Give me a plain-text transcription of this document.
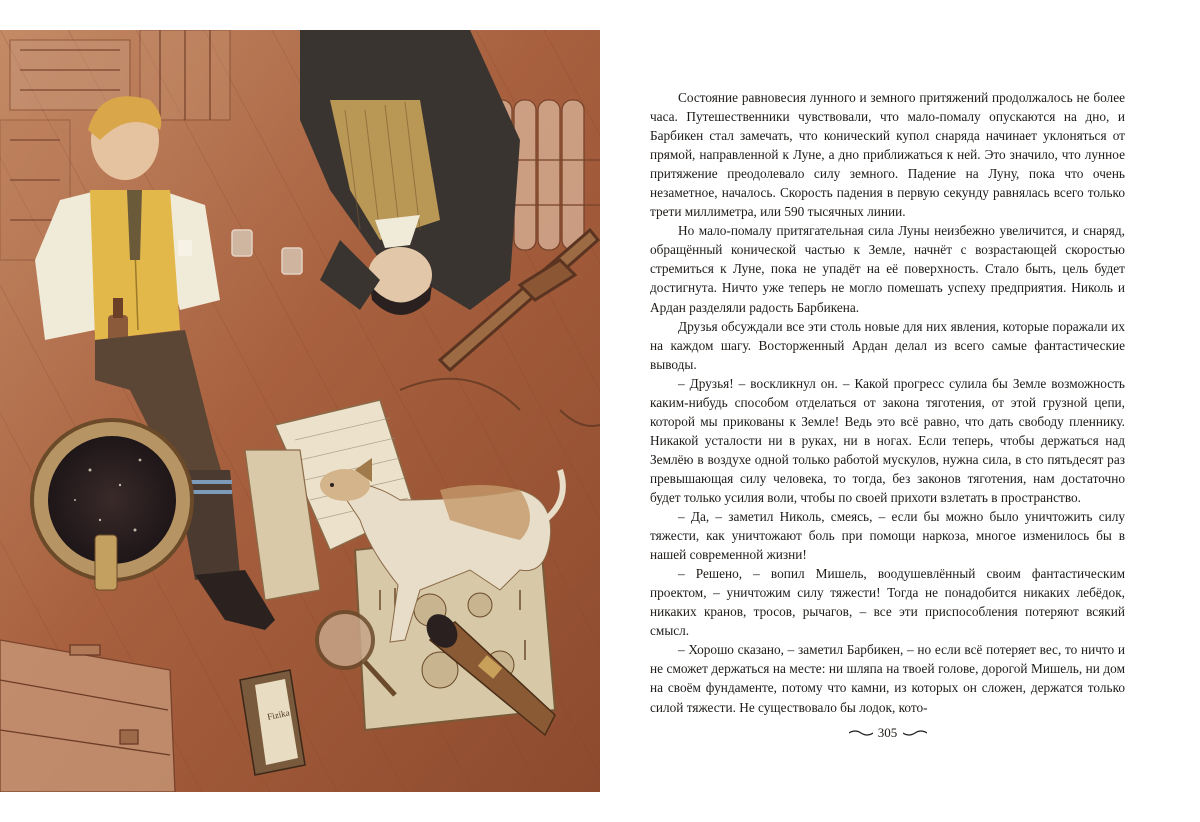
Fizika

Состояние равновесия лунного и земного притяжений продолжалось не более часа. Путешественники чувствовали, что мало-помалу опускаются на дно, и Барбикен стал замечать, что конический купол снаряда начинает уклоняться от прямой, направленной к Луне, а дно приближаться к ней. Это значило, что лунное притяжение преодолевало силу земного. Падение на Луну, пока что очень незаметное, началось. Скорость падения в первую секунду равнялась всего только трети миллиметра, или 590 тысячных линии.

Но мало-помалу притягательная сила Луны неизбежно увеличится, и снаряд, обращённый конической частью к Земле, начнёт с возрастающей скоростью стремиться к Луне, пока не упадёт на её поверхность. Стало быть, цель будет достигнута. Ничто уже теперь не могло помешать успеху предприятия. Николь и Ардан разделяли радость Барбикена.

Друзья обсуждали все эти столь новые для них явления, которые поражали их на каждом шагу. Восторженный Ардан делал из всего самые фантастические выводы.

– Друзья! – воскликнул он. – Какой прогресс сулила бы Земле возможность каким-нибудь способом отделаться от закона тяготения, от этой грузной цепи, которой мы прикованы к Земле! Ведь это всё равно, что дать свободу пленнику. Никакой усталости ни в руках, ни в ногах. Если теперь, чтобы держаться над Землёю в воздухе одной только работой мускулов, нужна сила, в сто пятьдесят раз превышающая силу человека, то тогда, без законов тяготения, нам достаточно будет только усилия воли, чтобы по своей прихоти взлетать в пространство.

– Да, – заметил Николь, смеясь, – если бы можно было уничтожить силу тяжести, как уничтожают боль при помощи наркоза, многое изменилось бы в нашей современной жизни!

– Решено, – вопил Мишель, воодушевлённый своим фантастическим проектом, – уничтожим силу тяжести! Тогда не понадобится никаких лебёдок, никаких кранов, тросов, рычагов, – все эти приспособления потеряют всякий смысл.

– Хорошо сказано, – заметил Барбикен, – но если всё потеряет вес, то ничто и не сможет держаться на месте: ни шляпа на твоей голове, дорогой Мишель, ни дом на своём фундаменте, потому что камни, из которых он сложен, держатся только силой тяжести. Не существовало бы лодок, кото-

305
